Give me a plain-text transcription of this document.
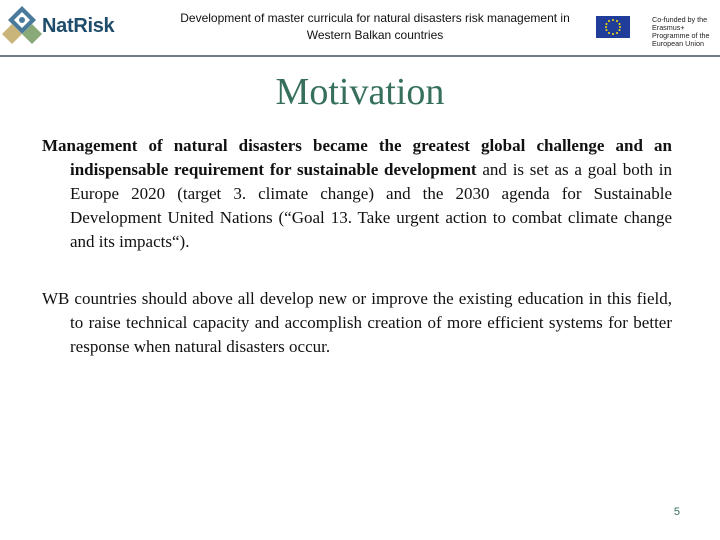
NatRisk	Development of master curricula for natural disasters risk management in
Western Balkan countries
Co-funded by the Erasmus+ Programme of the European Union
Motivation

Management of natural disasters became the greatest global challenge and an indispensable requirement for sustainable development and is set as a goal both in Europe 2020 (target 3. climate change) and the 2030 agenda for Sustainable Development United Nations (“Goal 13. Take urgent action to combat climate change and its impacts“).

WB countries should above all develop new or improve the existing education in this field, to raise technical capacity and accomplish creation of more efficient systems for better response when natural disasters occur.

5
